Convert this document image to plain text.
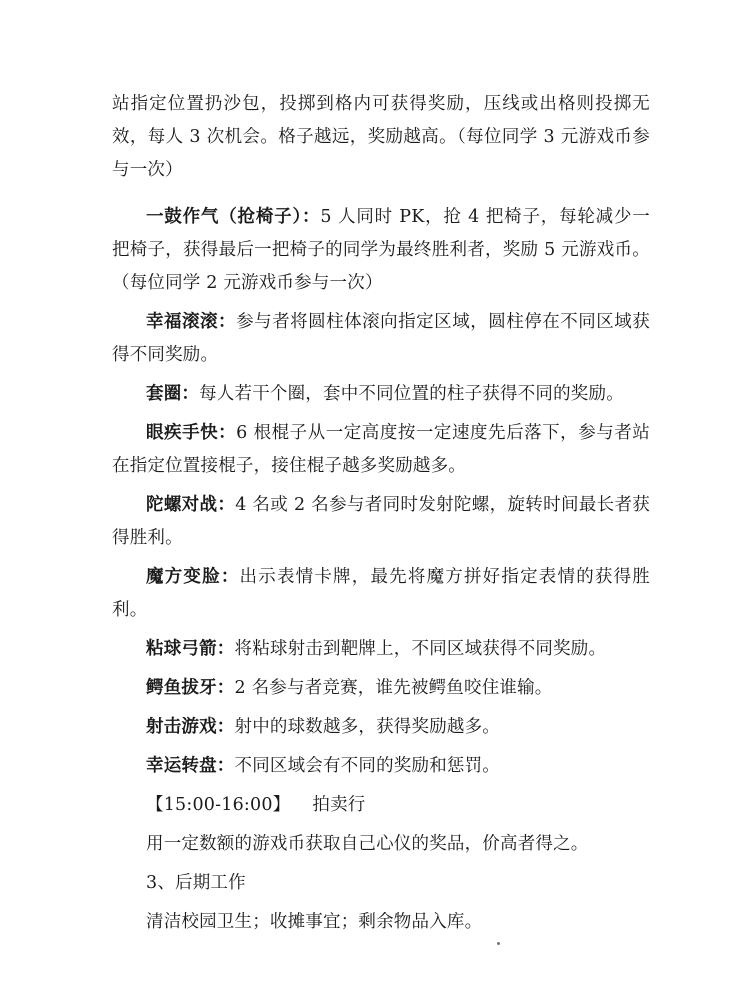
站指定位置扔沙包，投掷到格内可获得奖励，压线或出格则投掷无效，每人 3 次机会。格子越远，奖励越高。（每位同学 3 元游戏币参与一次）

一鼓作气（抢椅子）：5 人同时 PK，抢 4 把椅子，每轮减少一把椅子，获得最后一把椅子的同学为最终胜利者，奖励 5 元游戏币。（每位同学 2 元游戏币参与一次）

幸福滚滚：参与者将圆柱体滚向指定区域，圆柱停在不同区域获得不同奖励。

套圈：每人若干个圈，套中不同位置的柱子获得不同的奖励。

眼疾手快：6 根棍子从一定高度按一定速度先后落下，参与者站在指定位置接棍子，接住棍子越多奖励越多。

陀螺对战：4 名或 2 名参与者同时发射陀螺，旋转时间最长者获得胜利。

魔方变脸：出示表情卡牌，最先将魔方拼好指定表情的获得胜利。

粘球弓箭：将粘球射击到靶牌上，不同区域获得不同奖励。

鳄鱼拔牙：2 名参与者竞赛，谁先被鳄鱼咬住谁输。

射击游戏：射中的球数越多，获得奖励越多。

幸运转盘：不同区域会有不同的奖励和惩罚。

【15:00-16:00】 拍卖行

用一定数额的游戏币获取自己心仪的奖品，价高者得之。

3、后期工作

清洁校园卫生；收摊事宜；剩余物品入库。
